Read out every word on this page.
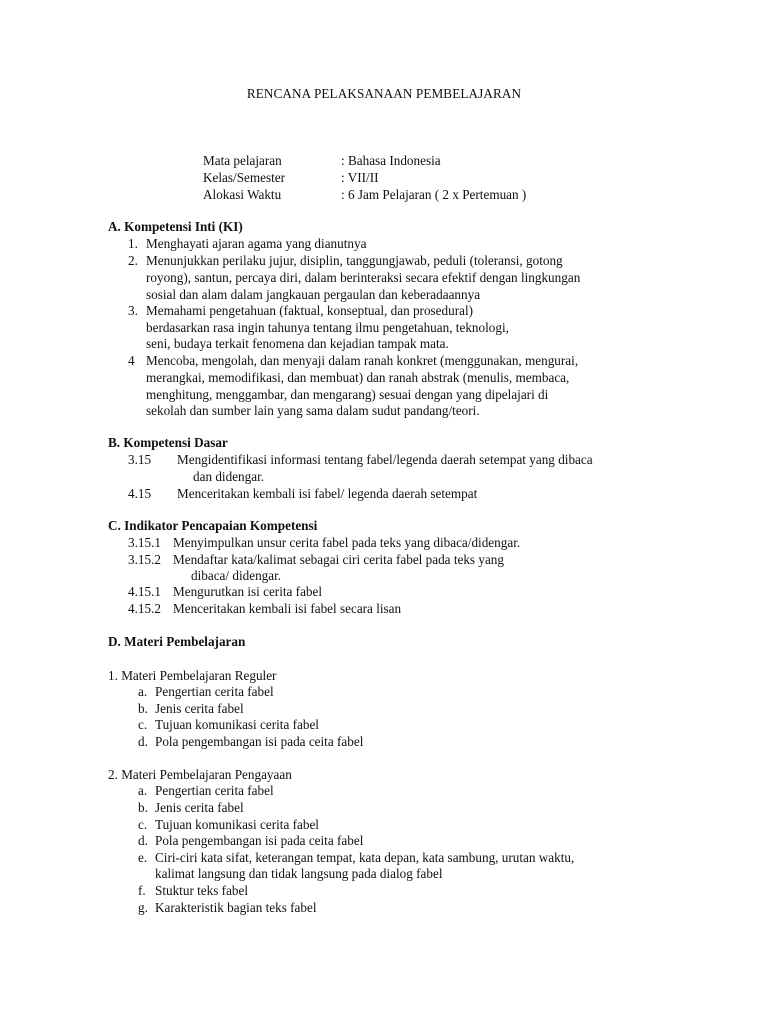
RENCANA PELAKSANAAN PEMBELAJARAN
Mata pelajaran	: Bahasa Indonesia
Kelas/Semester	: VII/II
Alokasi Waktu	: 6 Jam Pelajaran ( 2 x Pertemuan )
A. Kompetensi Inti (KI)
1. Menghayati ajaran agama yang dianutnya
2. Menunjukkan perilaku jujur, disiplin, tanggungjawab, peduli (toleransi, gotong
royong), santun, percaya diri, dalam berinteraksi secara efektif dengan lingkungan
sosial dan alam dalam jangkauan pergaulan dan keberadaannya
3. Memahami pengetahuan (faktual, konseptual, dan prosedural)
berdasarkan rasa ingin tahunya tentang ilmu pengetahuan, teknologi,
seni, budaya terkait fenomena dan kejadian tampak mata.
4 Mencoba, mengolah, dan menyaji dalam ranah konkret (menggunakan, mengurai,
merangkai, memodifikasi, dan membuat) dan ranah abstrak (menulis, membaca,
menghitung, menggambar, dan mengarang) sesuai dengan yang dipelajari di
sekolah dan sumber lain yang sama dalam sudut pandang/teori.
B. Kompetensi Dasar
3.15 Mengidentifikasi informasi tentang fabel/legenda daerah setempat yang dibaca
dan didengar.
4.15 Menceritakan kembali isi fabel/ legenda daerah setempat
C. Indikator Pencapaian Kompetensi
3.15.1 Menyimpulkan unsur cerita fabel pada teks yang dibaca/didengar.
3.15.2 Mendaftar kata/kalimat sebagai ciri cerita fabel pada teks yang
dibaca/ didengar.
4.15.1 Mengurutkan isi cerita fabel
4.15.2 Menceritakan kembali isi fabel secara lisan
D. Materi Pembelajaran
1. Materi Pembelajaran Reguler
a. Pengertian cerita fabel
b. Jenis cerita fabel
c. Tujuan komunikasi cerita fabel
d. Pola pengembangan isi pada ceita fabel
2. Materi Pembelajaran Pengayaan
a. Pengertian cerita fabel
b. Jenis cerita fabel
c. Tujuan komunikasi cerita fabel
d. Pola pengembangan isi pada ceita fabel
e. Ciri-ciri kata sifat, keterangan tempat, kata depan, kata sambung, urutan waktu,
kalimat langsung dan tidak langsung pada dialog fabel
f. Stuktur teks fabel
g. Karakteristik bagian teks fabel
